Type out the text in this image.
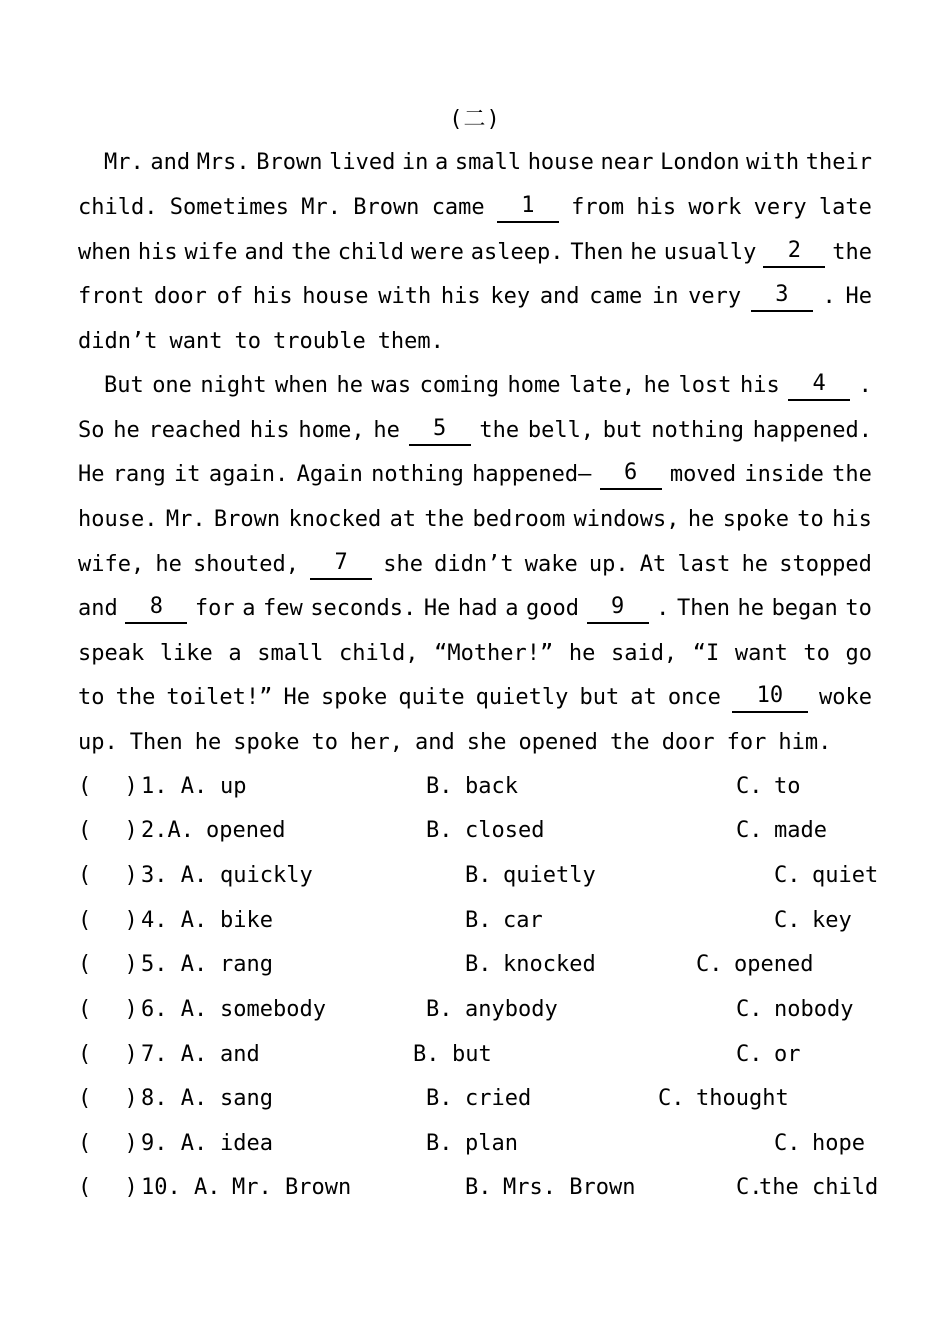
(二)
Mr. and Mrs. Brown lived in a small house near London with their
child. Sometimes Mr. Brown came	1	from his work very late
when his wife and the child were asleep. Then he usually	2	the
front door of his house with his key and came in very	3	. He
didn’t want to trouble them.
But one night when he was coming home late, he lost his	4	.
So he reached his home, he	5	the bell, but nothing happened.
He rang it again. Again nothing happened—	6	moved inside the
house. Mr. Brown knocked at the bedroom windows, he spoke to his
wife, he shouted,	7	she didn’t wake up. At last he stopped
and	8	for a few seconds. He had a good	9	. Then he began to
speak like a small child, “Mother!” he said, “I want to go
to the toilet!” He spoke quite quietly but at once	10	woke
up. Then he spoke to her, and she opened the door for him.
( )
1. A. up	B. back	C. to
( )
2.A. opened	B. closed	C. made
( )
3. A. quickly	B. quietly	C. quiet
( )
4. A. bike	B. car	C. key
( )
5. A. rang	B. knocked	C. opened
( )
6. A. somebody	B. anybody	C. nobody
( )
7. A. and	B. but	C. or
( )
8. A. sang	B. cried	C. thought
( )
9. A. idea	B. plan	C. hope
( )
10. A. Mr. Brown	B. Mrs. Brown	C.
the child
